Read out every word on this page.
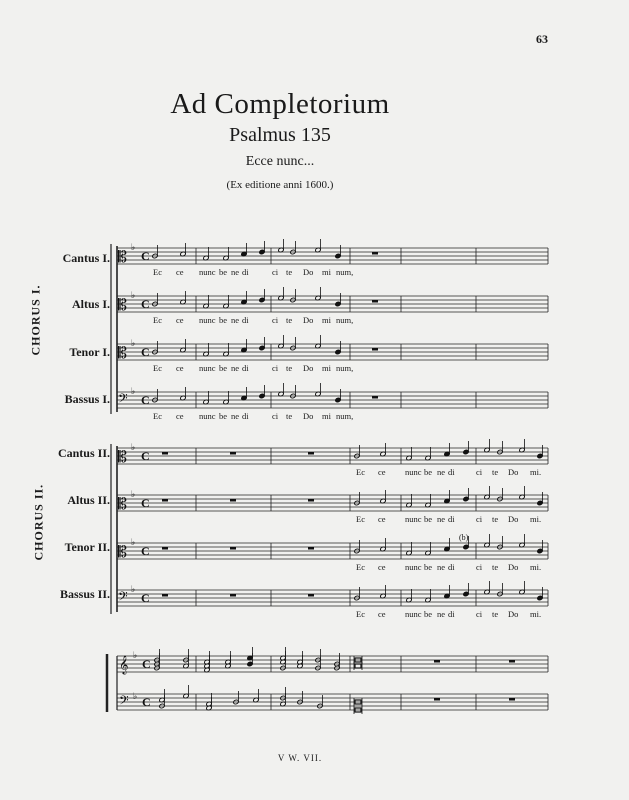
63
Ad Completorium
Psalmus 135
Ecce nunc...
(Ex editione anni 1600.)
CHORUS I.
CHORUS II.
Cantus I.
Altus I.
Tenor I.
Bassus I.
Cantus II.
Altus II.
Tenor II.
Bassus II.
𝄡 ♭
C
Ec ce nunc be ne di	ci te Do mi num,
𝄡 ♭
C
Ec ce nunc be ne di	ci te Do mi num,
𝄡 ♭
C
Ec ce nunc be ne di	ci te Do mi num,
𝄢 ♭
C
Ec ce nunc be ne di	ci te Do mi num,
𝄡 ♭
C
Ec ce nunc be ne di	ci te Do mi.
𝄡 ♭
C
Ec ce nunc be ne di	ci te Do mi.
𝄡 ♭
C
Ec ce nunc be ne di	ci te Do mi.
𝄢 ♭
C
Ec ce nunc be ne di	ci te Do mi.
(b)
𝄞 ♭
C
𝄢 ♭ C
V W. VII.
